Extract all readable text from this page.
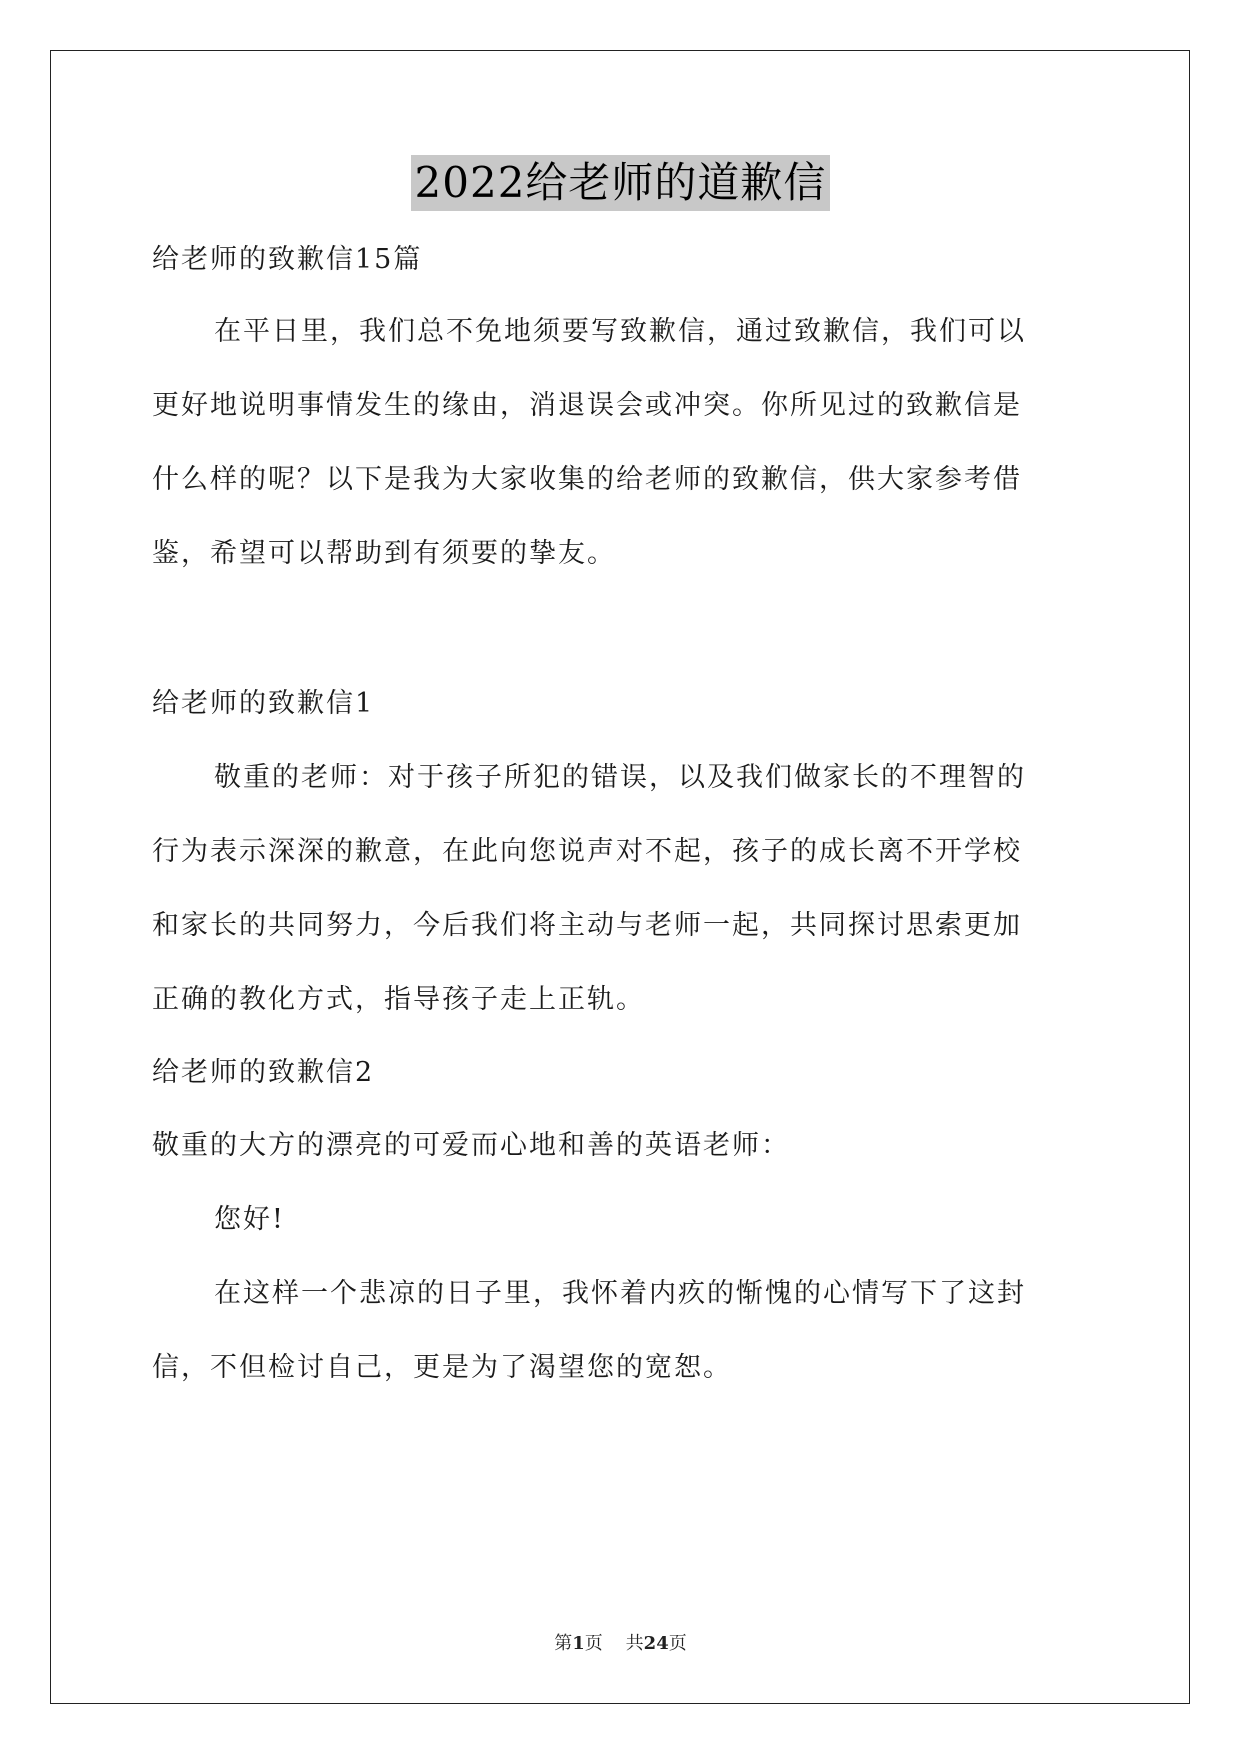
2022给老师的道歉信
给老师的致歉信15篇
在平日里，我们总不免地须要写致歉信，通过致歉信，我们可以
更好地说明事情发生的缘由，消退误会或冲突。你所见过的致歉信是
什么样的呢？以下是我为大家收集的给老师的致歉信，供大家参考借
鉴，希望可以帮助到有须要的挚友。
给老师的致歉信1
敬重的老师：对于孩子所犯的错误，以及我们做家长的不理智的
行为表示深深的歉意，在此向您说声对不起，孩子的成长离不开学校
和家长的共同努力，今后我们将主动与老师一起，共同探讨思索更加
正确的教化方式，指导孩子走上正轨。
给老师的致歉信2
敬重的大方的漂亮的可爱而心地和善的英语老师：
您好!
在这样一个悲凉的日子里，我怀着内疚的惭愧的心情写下了这封
信，不但检讨自己，更是为了渴望您的宽恕。
第1页 共24页
